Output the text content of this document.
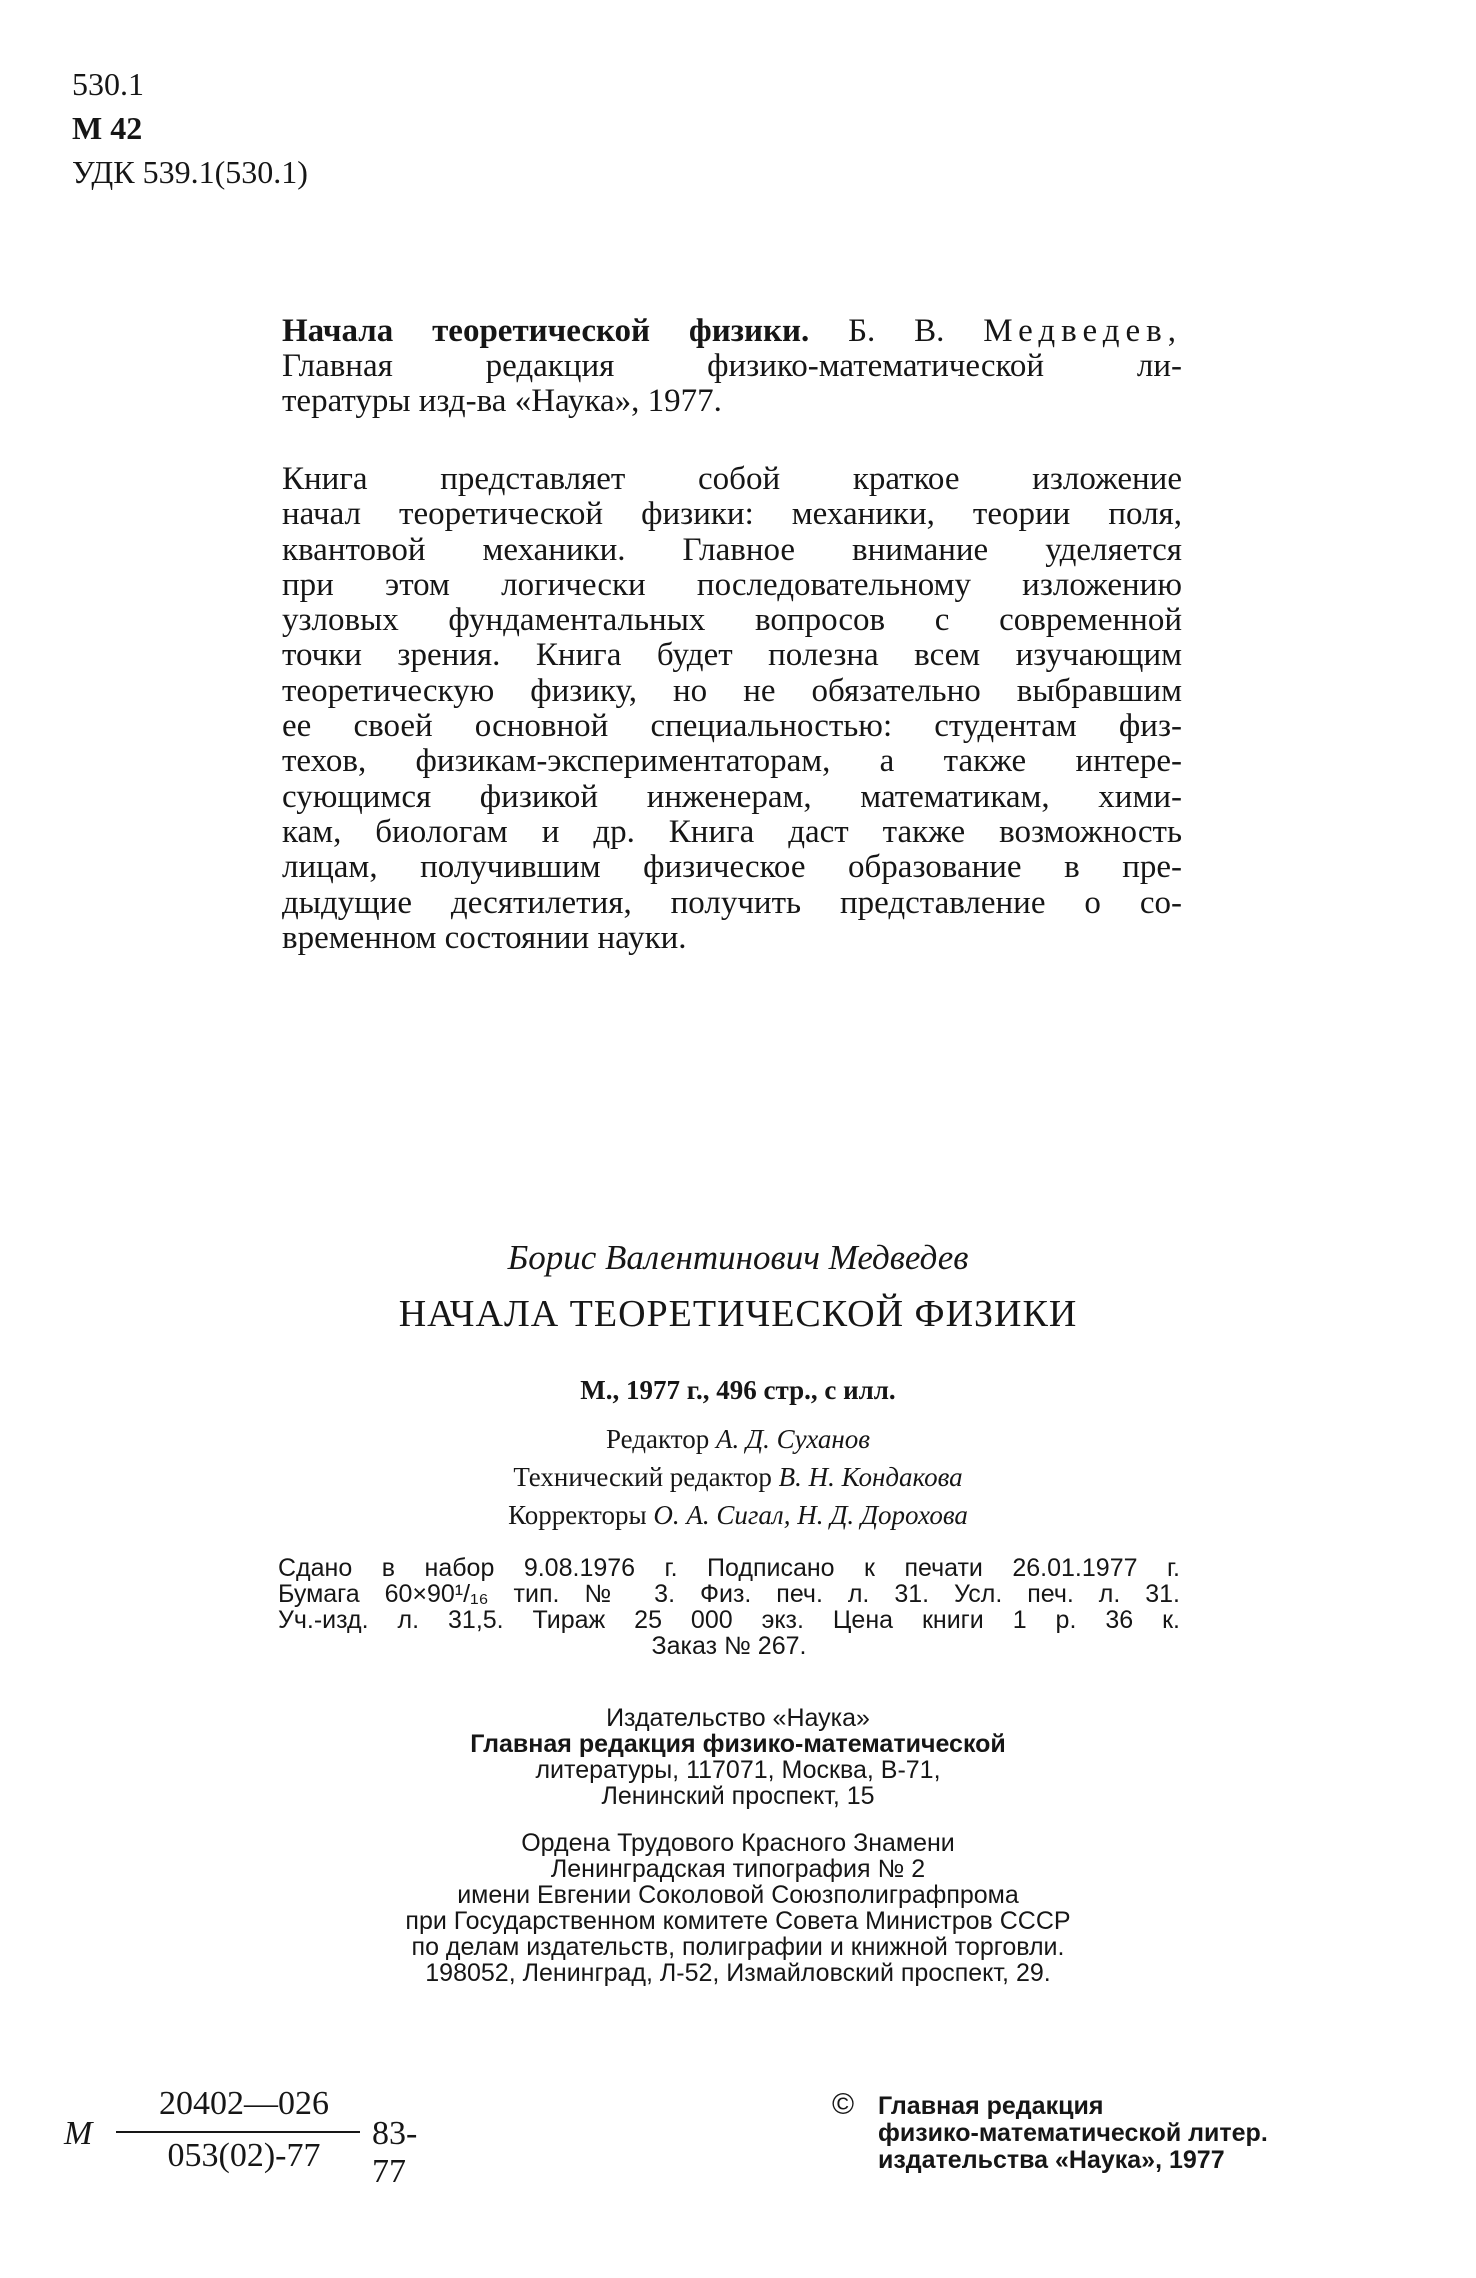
530.1
М 42
УДК 539.1(530.1)
Начала теоретической физики. Б. В. Медведев,
Главная редакция физико-математической ли-
тературы изд-ва «Наука», 1977.
Книга представляет собой краткое изложение
начал теоретической физики: механики, теории поля,
квантовой механики. Главное внимание уделяется
при этом логически последовательному изложению
узловых фундаментальных вопросов с современной
точки зрения. Книга будет полезна всем изучающим
теоретическую физику, но не обязательно выбравшим
ее своей основной специальностью: студентам физ-
техов, физикам-экспериментаторам, а также интере-
сующимся физикой инженерам, математикам, хими-
кам, биологам и др. Книга даст также возможность
лицам, получившим физическое образование в пре-
дыдущие десятилетия, получить представление о со-
временном состоянии науки.
Борис Валентинович Медведев
НАЧАЛА ТЕОРЕТИЧЕСКОЙ ФИЗИКИ
М., 1977 г., 496 стр., с илл.
Редактор А. Д. Суханов
Технический редактор В. Н. Кондакова
Корректоры О. А. Сигал, Н. Д. Дорохова
Сдано в набор 9.08.1976 г. Подписано к печати 26.01.1977 г.
Бумага 60×90¹/₁₆ тип. № 3. Физ. печ. л. 31. Усл. печ. л. 31.
Уч.-изд. л. 31,5. Тираж 25 000 экз. Цена книги 1 р. 36 к.
Заказ № 267.
Издательство «Наука»
Главная редакция физико-математической
литературы, 117071, Москва, В-71,
Ленинский проспект, 15
Ордена Трудового Красного Знамени
Ленинградская типография № 2
имени Евгении Соколовой Союзполиграфпрома
при Государственном комитете Совета Министров СССР
по делам издательств, полиграфии и книжной торговли.
198052, Ленинград, Л-52, Измайловский проспект, 29.
М
20402—026
053(02)-77
83-77
© Главная редакция
физико-математической литер.
издательства «Наука», 1977
